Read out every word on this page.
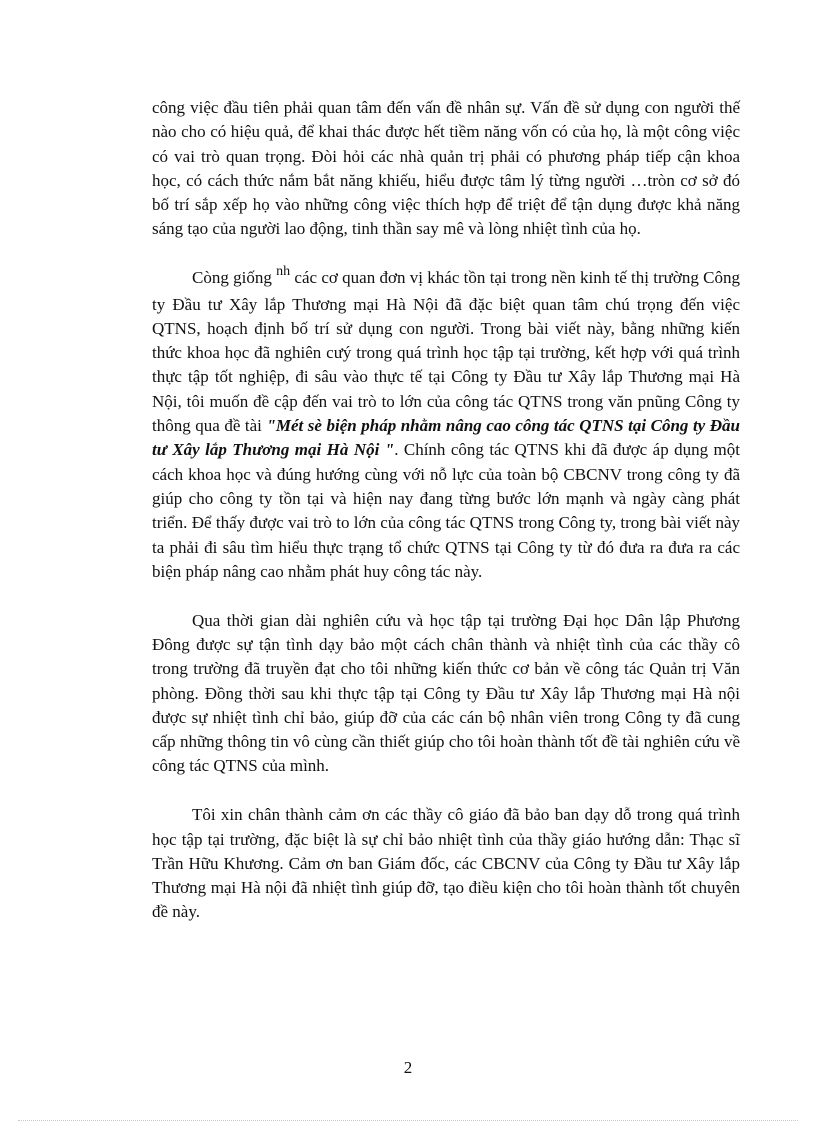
công việc đầu tiên phải quan tâm đến vấn đề nhân sự. Vấn đề sử dụng con người thế nào cho có hiệu quả, để khai thác được hết tiềm năng vốn có của họ, là một công việc có vai trò quan trọng. Đòi hỏi các nhà quản trị phải có phương pháp tiếp cận khoa học, có cách thức nắm bắt năng khiếu, hiểu được tâm lý từng người …tròn cơ sở đó bố trí sắp xếp họ vào những công việc thích hợp để triệt để tận dụng được khả năng sáng tạo của người lao động, tinh thần say mê và lòng nhiệt tình của họ.

Còng giống $^{nh}$ các cơ quan đơn vị khác tồn tại trong nền kinh tế thị trường Công ty Đầu tư Xây lắp Thương mại Hà Nội đã đặc biệt quan tâm chú trọng đến việc QTNS, hoạch định bố trí sử dụng con người. Trong bài viết này, bằng những kiến thức khoa học đã nghiên cưý trong quá trình học tập tại trường, kết hợp với quá trình thực tập tốt nghiệp, đi sâu vào thực tế tại Công ty Đầu tư Xây lắp Thương mại Hà Nội, tôi muốn đề cập đến vai trò to lớn của công tác QTNS trong văn pnũng Công ty thông qua đề tài "Mét sè biện pháp nhằm nâng cao công tác QTNS tại Công ty Đầu tư Xây lắp Thương mại Hà Nội ". Chính công tác QTNS khi đã được áp dụng một cách khoa học và đúng hướng cùng với nỗ lực của toàn bộ CBCNV trong công ty đã giúp cho công ty tồn tại và hiện nay đang từng bước lớn mạnh và ngày càng phát triển. Để thấy được vai trò to lớn của công tác QTNS trong Công ty, trong bài viết này ta phải đi sâu tìm hiểu thực trạng tổ chức QTNS tại Công ty từ đó đưa ra đưa ra các biện pháp nâng cao nhằm phát huy công tác này.

Qua thời gian dài nghiên cứu và học tập tại trường Đại học Dân lập Phương Đông được sự tận tình dạy bảo một cách chân thành và nhiệt tình của các thầy cô trong trường đã truyền đạt cho tôi những kiến thức cơ bản về công tác Quản trị Văn phòng. Đồng thời sau khi thực tập tại Công ty Đầu tư Xây lắp Thương mại Hà nội được sự nhiệt tình chỉ bảo, giúp đỡ của các cán bộ nhân viên trong Công ty đã cung cấp những thông tin vô cùng cần thiết giúp cho tôi hoàn thành tốt đề tài nghiên cứu về công tác QTNS của mình.

Tôi xin chân thành cảm ơn các thầy cô giáo đã bảo ban dạy dỗ trong quá trình học tập tại trường, đặc biệt là sự chỉ bảo nhiệt tình của thầy giáo hướng dẫn: Thạc sĩ Trần Hữu Khương. Cảm ơn ban Giám đốc, các CBCNV của Công ty Đầu tư Xây lắp Thương mại Hà nội đã nhiệt tình giúp đỡ, tạo điều kiện cho tôi hoàn thành tốt chuyên đề này.

2
